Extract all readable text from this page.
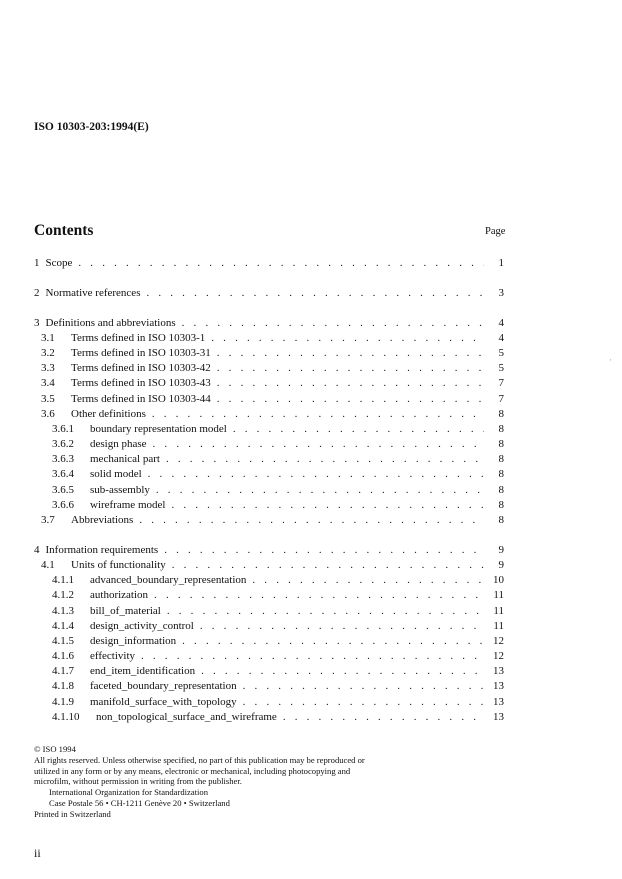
ISO 10303-203:1994(E)
Contents	Page
1 Scope . . .	1
2 Normative references . . .	3
3 Definitions and abbreviations . . .	4
3.1	Terms defined in ISO 10303-1 . . .	4
3.2	Terms defined in ISO 10303-31 . . .	5
3.3	Terms defined in ISO 10303-42 . . .	5
3.4	Terms defined in ISO 10303-43 . . .	7
3.5	Terms defined in ISO 10303-44 . . .	7
3.6	Other definitions . . .	8
3.6.1	boundary representation model . . .	8
3.6.2	design phase . . .	8
3.6.3	mechanical part . . .	8
3.6.4	solid model . . .	8
3.6.5	sub-assembly . . .	8
3.6.6	wireframe model . . .	8
3.7	Abbreviations . . .	8
4 Information requirements . . .	9
4.1	Units of functionality . . .	9
4.1.1	advanced_boundary_representation . . .	10
4.1.2	authorization . . .	11
4.1.3	bill_of_material . . .	11
4.1.4	design_activity_control . . .	11
4.1.5	design_information . . .	12
4.1.6	effectivity . . .	12
4.1.7	end_item_identification . . .	13
4.1.8	faceted_boundary_representation . . .	13
4.1.9	manifold_surface_with_topology . . .	13
4.1.10	non_topological_surface_and_wireframe . . .	13
·
© ISO 1994
All rights reserved. Unless otherwise specified, no part of this publication may be reproduced or
utilized in any form or by any means, electronic or mechanical, including photocopying and
microfilm, without permission in writing from the publisher.
International Organization for Standardization
Case Postale 56 • CH-1211 Genève 20 • Switzerland
Printed in Switzerland
ii
